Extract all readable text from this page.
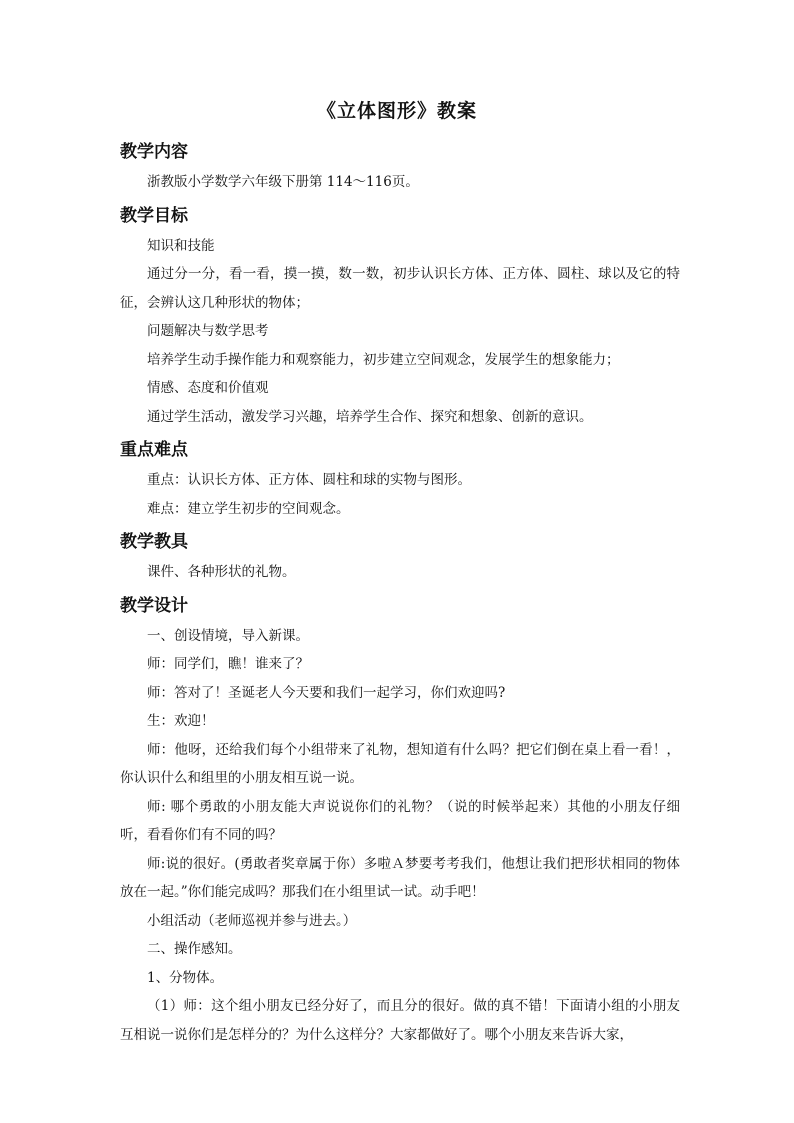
《立体图形》教案
教学内容

浙教版小学数学六年级下册第 114～116页。

教学目标

知识和技能

通过分一分，看一看，摸一摸，数一数，初步认识长方体、正方体、圆柱、球以及它的特征，会辨认这几种形状的物体；

问题解决与数学思考

培养学生动手操作能力和观察能力，初步建立空间观念，发展学生的想象能力；

情感、态度和价值观

通过学生活动，激发学习兴趣，培养学生合作、探究和想象、创新的意识。

重点难点

重点：认识长方体、正方体、圆柱和球的实物与图形。

难点：建立学生初步的空间观念。

教学教具

课件、各种形状的礼物。

教学设计

一、创设情境，导入新课。

师：同学们，瞧！谁来了？

师：答对了！圣诞老人今天要和我们一起学习，你们欢迎吗?

生：欢迎！

师：他呀，还给我们每个小组带来了礼物，想知道有什么吗？把它们倒在桌上看一看！，你认识什么和组里的小朋友相互说一说。

师: 哪个勇敢的小朋友能大声说说你们的礼物？（说的时候举起来）其他的小朋友仔细听，看看你们有不同的吗？

师:说的很好。(勇敢者奖章属于你）多啦Ａ梦要考考我们，他想让我们把形状相同的物体放在一起。”你们能完成吗？那我们在小组里试一试。动手吧！

小组活动（老师巡视并参与进去。）

二、操作感知。

1、分物体。

（1）师：这个组小朋友已经分好了，而且分的很好。做的真不错！下面请小组的小朋友互相说一说你们是怎样分的？为什么这样分？大家都做好了。哪个小朋友来告诉大家，
